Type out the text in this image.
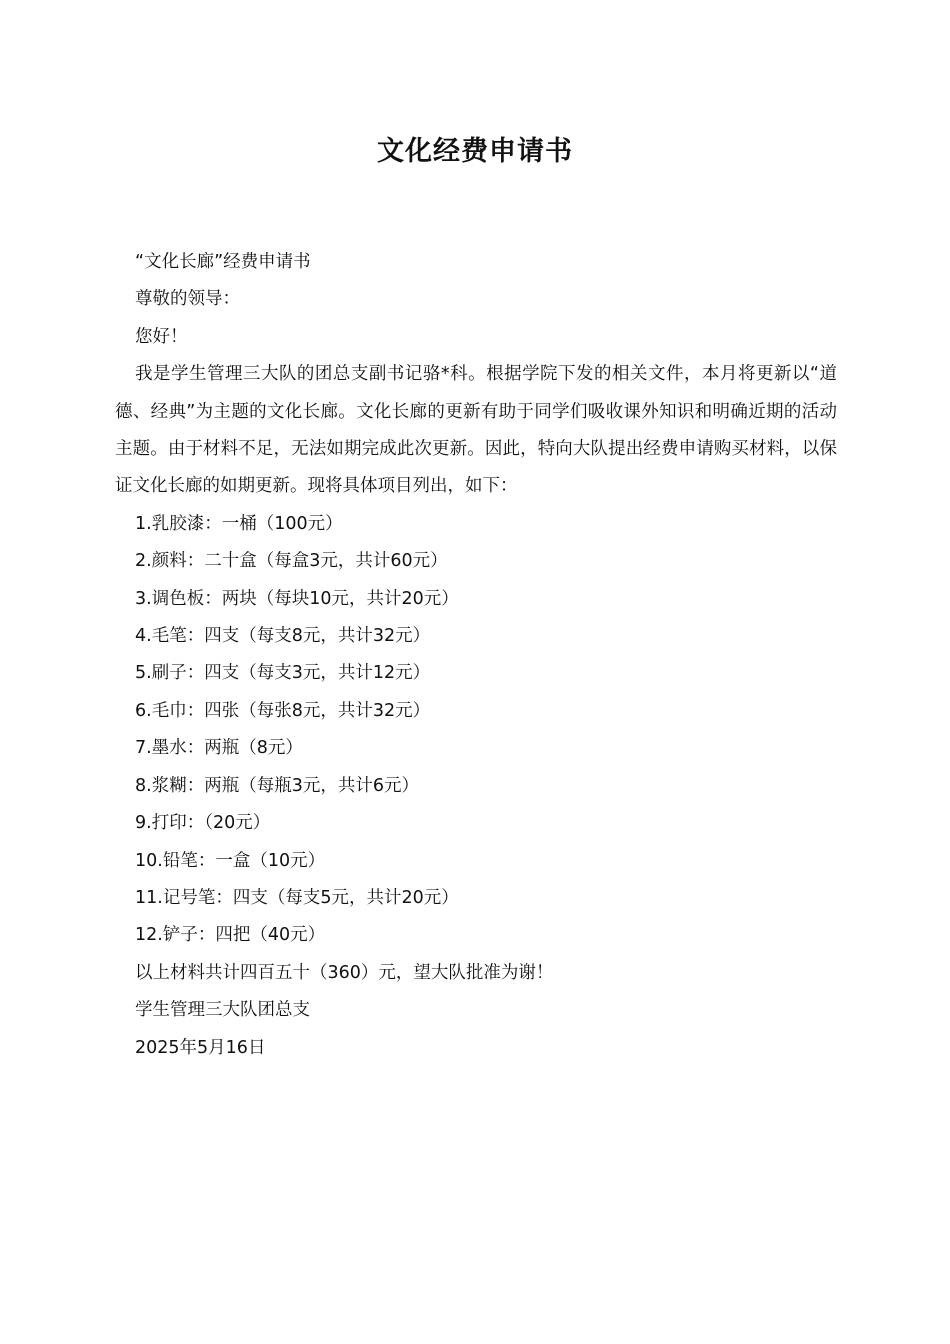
文化经费申请书

“文化长廊”经费申请书

尊敬的领导：

您好！

我是学生管理三大队的团总支副书记骆*科。根据学院下发的相关文件，本月将更新以“道德、经典”为主题的文化长廊。文化长廊的更新有助于同学们吸收课外知识和明确近期的活动主题。由于材料不足，无法如期完成此次更新。因此，特向大队提出经费申请购买材料，以保证文化长廊的如期更新。现将具体项目列出，如下：

1.乳胶漆：一桶（100元）

2.颜料：二十盒（每盒3元，共计60元）

3.调色板：两块（每块10元，共计20元）

4.毛笔：四支（每支8元，共计32元）

5.刷子：四支（每支3元，共计12元）

6.毛巾：四张（每张8元，共计32元）

7.墨水：两瓶（8元）

8.浆糊：两瓶（每瓶3元，共计6元）

9.打印：（20元）

10.铅笔：一盒（10元）

11.记号笔：四支（每支5元，共计20元）

12.铲子：四把（40元）

以上材料共计四百五十（360）元，望大队批准为谢！

学生管理三大队团总支

2025年5月16日
